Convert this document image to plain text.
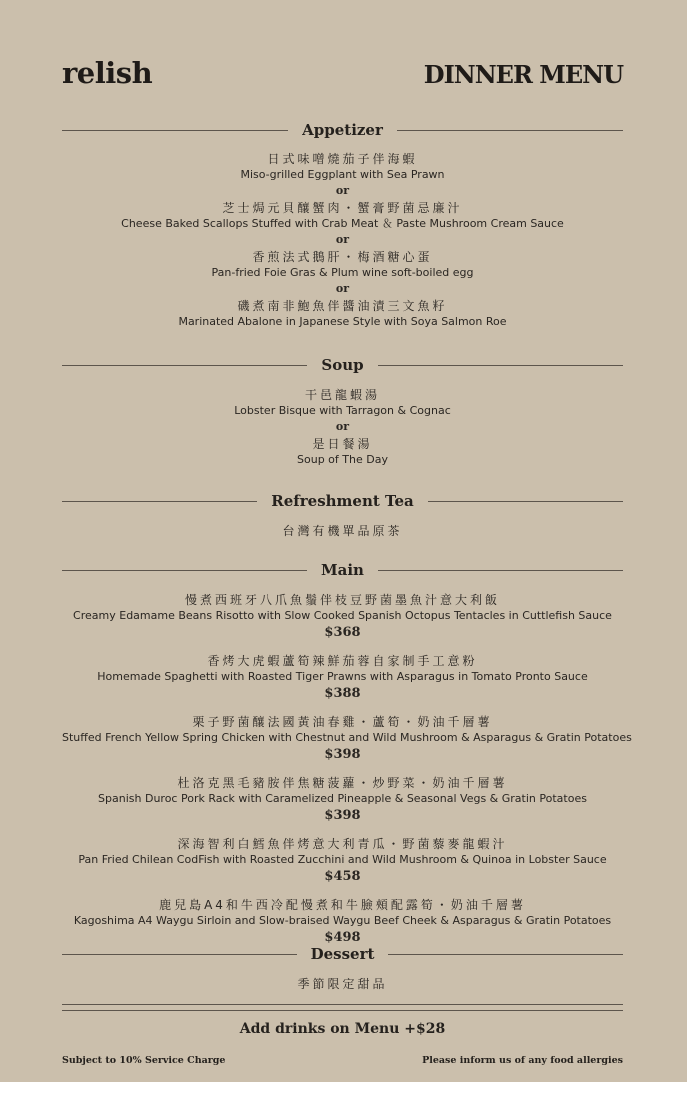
relish	DINNER MENU
Appetizer
日式味噌燒茄子伴海蝦
Miso-grilled Eggplant with Sea Prawn
or
芝士焗元貝釀蟹肉・蟹膏野菌忌廉汁
Cheese Baked Scallops Stuffed with Crab Meat ＆ Paste Mushroom Cream Sauce
or
香煎法式鵝肝・梅酒糖心蛋
Pan-fried Foie Gras & Plum wine soft-boiled egg
or
磯煮南非鮑魚伴醬油漬三文魚籽
Marinated Abalone in Japanese Style with Soya Salmon Roe
Soup
干邑龍蝦湯
Lobster Bisque with Tarragon & Cognac
or
是日餐湯
Soup of The Day
Refreshment Tea
台灣有機單品原茶
Main
慢煮西班牙八爪魚鬚伴枝豆野菌墨魚汁意大利飯
Creamy Edamame Beans Risotto with Slow Cooked Spanish Octopus Tentacles in Cuttlefish Sauce
$368
香烤大虎蝦蘆筍辣鮮茄蓉自家制手工意粉
Homemade Spaghetti with Roasted Tiger Prawns with Asparagus in Tomato Pronto Sauce
$388
栗子野菌釀法國黃油春雞・蘆筍・奶油千層薯
Stuffed French Yellow Spring Chicken with Chestnut and Wild Mushroom & Asparagus & Gratin Potatoes
$398
杜洛克黑毛豬胺伴焦糖菠蘿・炒野菜・奶油千層薯
Spanish Duroc Pork Rack with Caramelized Pineapple & Seasonal Vegs & Gratin Potatoes
$398
深海智利白鱈魚伴烤意大利青瓜・野菌藜麥龍蝦汁
Pan Fried Chilean CodFish with Roasted Zucchini and Wild Mushroom & Quinoa in Lobster Sauce
$458
鹿兒島A4和牛西冷配慢煮和牛臉頰配露筍・奶油千層薯
Kagoshima A4 Waygu Sirloin and Slow-braised Waygu Beef Cheek & Asparagus & Gratin Potatoes
$498
Dessert
季節限定甜品
Add drinks on Menu +$28
Subject to 10% Service Charge	Please inform us of any food allergies
